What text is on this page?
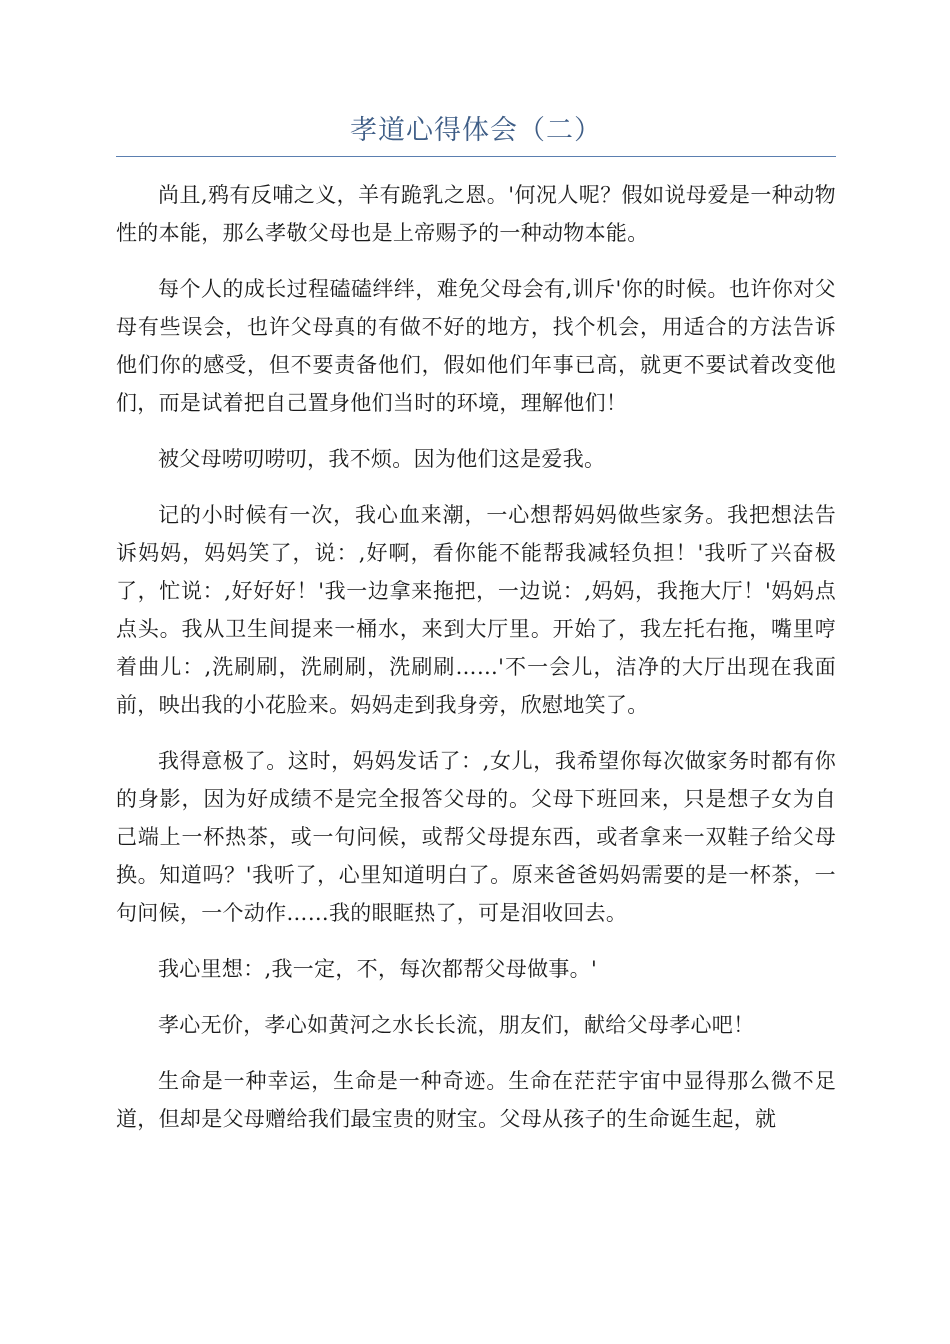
孝道心得体会（二）

尚且,鸦有反哺之义，羊有跪乳之恩。'何况人呢？假如说母爱是一种动物性的本能，那么孝敬父母也是上帝赐予的一种动物本能。

每个人的成长过程磕磕绊绊，难免父母会有,训斥'你的时候。也许你对父母有些误会，也许父母真的有做不好的地方，找个机会，用适合的方法告诉他们你的感受，但不要责备他们，假如他们年事已高，就更不要试着改变他们，而是试着把自己置身他们当时的环境，理解他们！

被父母唠叨唠叨，我不烦。因为他们这是爱我。

记的小时候有一次，我心血来潮，一心想帮妈妈做些家务。我把想法告诉妈妈，妈妈笑了，说：,好啊，看你能不能帮我减轻负担！'我听了兴奋极了，忙说：,好好好！'我一边拿来拖把，一边说：,妈妈，我拖大厅！'妈妈点点头。我从卫生间提来一桶水，来到大厅里。开始了，我左托右拖，嘴里哼着曲儿：,洗刷刷，洗刷刷，洗刷刷……'不一会儿，洁净的大厅出现在我面前，映出我的小花脸来。妈妈走到我身旁，欣慰地笑了。

我得意极了。这时，妈妈发话了：,女儿，我希望你每次做家务时都有你的身影，因为好成绩不是完全报答父母的。父母下班回来，只是想子女为自己端上一杯热茶，或一句问候，或帮父母提东西，或者拿来一双鞋子给父母换。知道吗？'我听了，心里知道明白了。原来爸爸妈妈需要的是一杯茶，一句问候，一个动作……我的眼眶热了，可是泪收回去。

我心里想：,我一定，不，每次都帮父母做事。'

孝心无价，孝心如黄河之水长长流，朋友们，献给父母孝心吧！

生命是一种幸运，生命是一种奇迹。生命在茫茫宇宙中显得那么微不足道，但却是父母赠给我们最宝贵的财宝。父母从孩子的生命诞生起，就
